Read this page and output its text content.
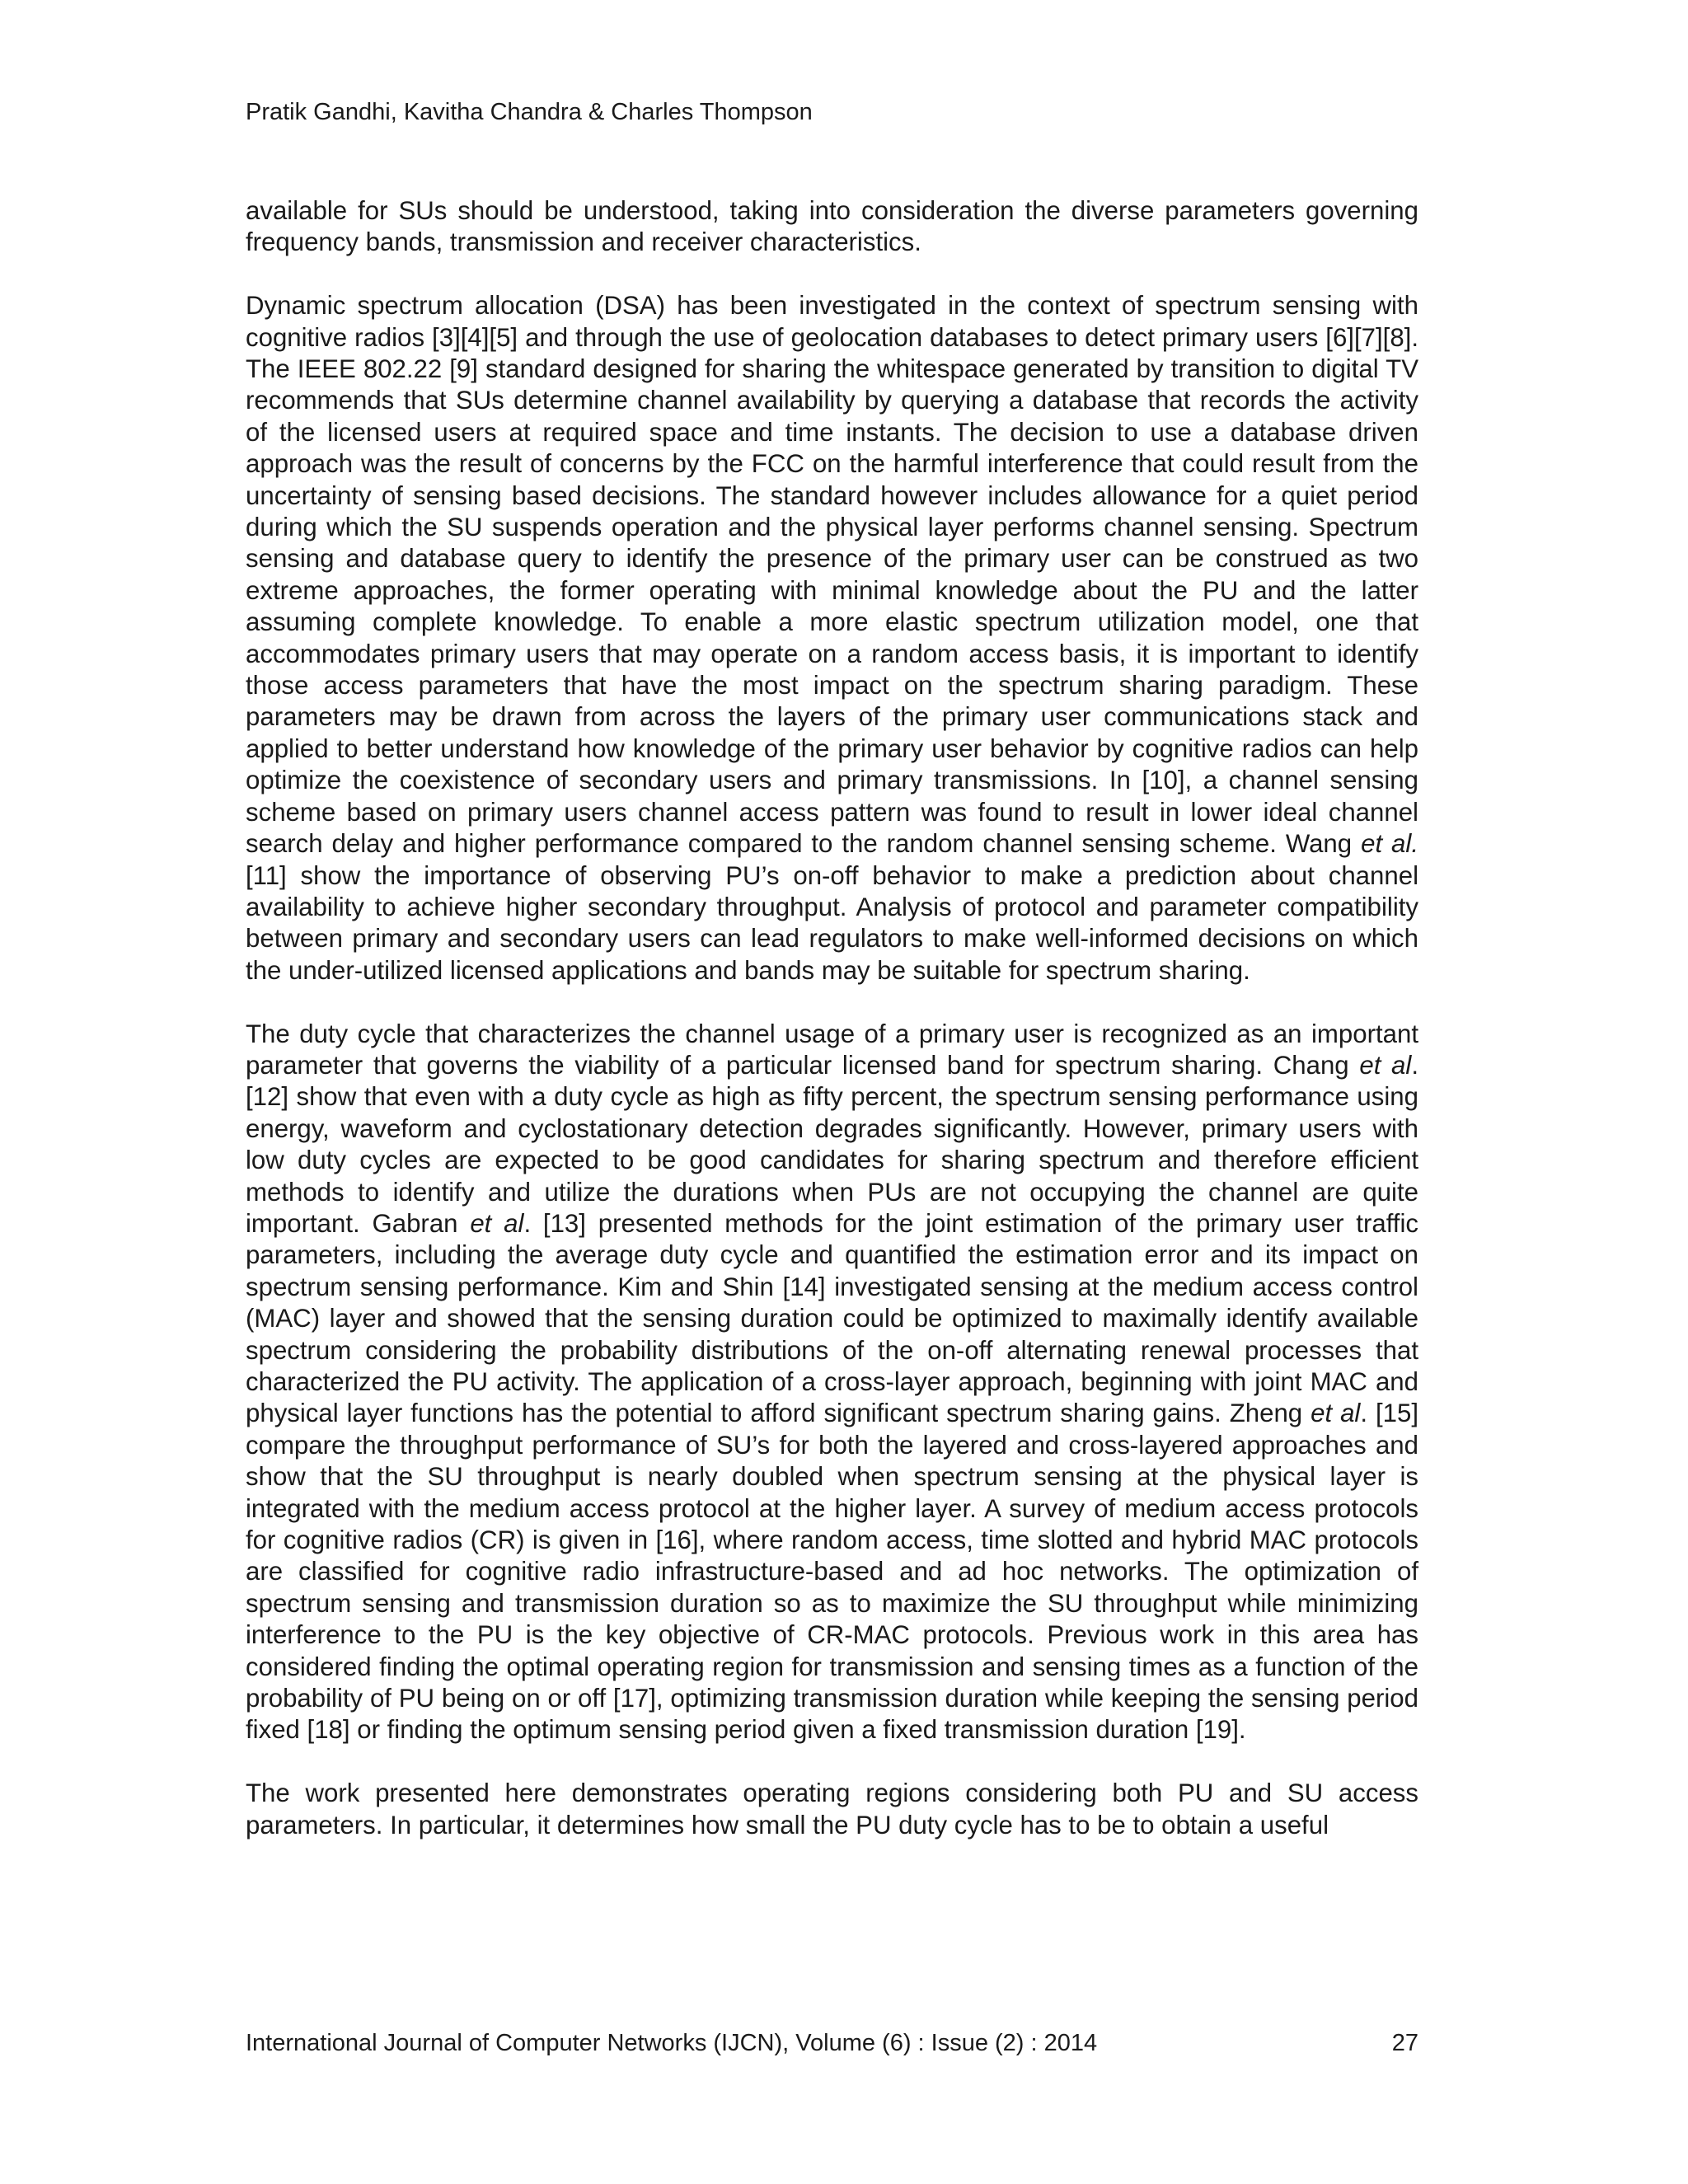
Pratik Gandhi, Kavitha Chandra & Charles Thompson

available for SUs should be understood, taking into consideration the diverse parameters governing frequency bands, transmission and receiver characteristics.

Dynamic spectrum allocation (DSA) has been investigated in the context of spectrum sensing with cognitive radios [3][4][5] and through the use of geolocation databases to detect primary users [6][7][8]. The IEEE 802.22 [9] standard designed for sharing the whitespace generated by transition to digital TV recommends that SUs determine channel availability by querying a database that records the activity of the licensed users at required space and time instants. The decision to use a database driven approach was the result of concerns by the FCC on the harmful interference that could result from the uncertainty of sensing based decisions. The standard however includes allowance for a quiet period during which the SU suspends operation and the physical layer performs channel sensing. Spectrum sensing and database query to identify the presence of the primary user can be construed as two extreme approaches, the former operating with minimal knowledge about the PU and the latter assuming complete knowledge. To enable a more elastic spectrum utilization model, one that accommodates primary users that may operate on a random access basis, it is important to identify those access parameters that have the most impact on the spectrum sharing paradigm. These parameters may be drawn from across the layers of the primary user communications stack and applied to better understand how knowledge of the primary user behavior by cognitive radios can help optimize the coexistence of secondary users and primary transmissions. In [10], a channel sensing scheme based on primary users channel access pattern was found to result in lower ideal channel search delay and higher performance compared to the random channel sensing scheme. Wang et al. [11] show the importance of observing PU’s on-off behavior to make a prediction about channel availability to achieve higher secondary throughput. Analysis of protocol and parameter compatibility between primary and secondary users can lead regulators to make well-informed decisions on which the under-utilized licensed applications and bands may be suitable for spectrum sharing.

The duty cycle that characterizes the channel usage of a primary user is recognized as an important parameter that governs the viability of a particular licensed band for spectrum sharing. Chang et al. [12] show that even with a duty cycle as high as fifty percent, the spectrum sensing performance using energy, waveform and cyclostationary detection degrades significantly. However, primary users with low duty cycles are expected to be good candidates for sharing spectrum and therefore efficient methods to identify and utilize the durations when PUs are not occupying the channel are quite important. Gabran et al. [13] presented methods for the joint estimation of the primary user traffic parameters, including the average duty cycle and quantified the estimation error and its impact on spectrum sensing performance. Kim and Shin [14] investigated sensing at the medium access control (MAC) layer and showed that the sensing duration could be optimized to maximally identify available spectrum considering the probability distributions of the on-off alternating renewal processes that characterized the PU activity. The application of a cross-layer approach, beginning with joint MAC and physical layer functions has the potential to afford significant spectrum sharing gains. Zheng et al. [15] compare the throughput performance of SU’s for both the layered and cross-layered approaches and show that the SU throughput is nearly doubled when spectrum sensing at the physical layer is integrated with the medium access protocol at the higher layer. A survey of medium access protocols for cognitive radios (CR) is given in [16], where random access, time slotted and hybrid MAC protocols are classified for cognitive radio infrastructure-based and ad hoc networks. The optimization of spectrum sensing and transmission duration so as to maximize the SU throughput while minimizing interference to the PU is the key objective of CR-MAC protocols. Previous work in this area has considered finding the optimal operating region for transmission and sensing times as a function of the probability of PU being on or off [17], optimizing transmission duration while keeping the sensing period fixed [18] or finding the optimum sensing period given a fixed transmission duration [19].

The work presented here demonstrates operating regions considering both PU and SU access parameters. In particular, it determines how small the PU duty cycle has to be to obtain a useful

International Journal of Computer Networks (IJCN), Volume (6) : Issue (2) : 2014	27
